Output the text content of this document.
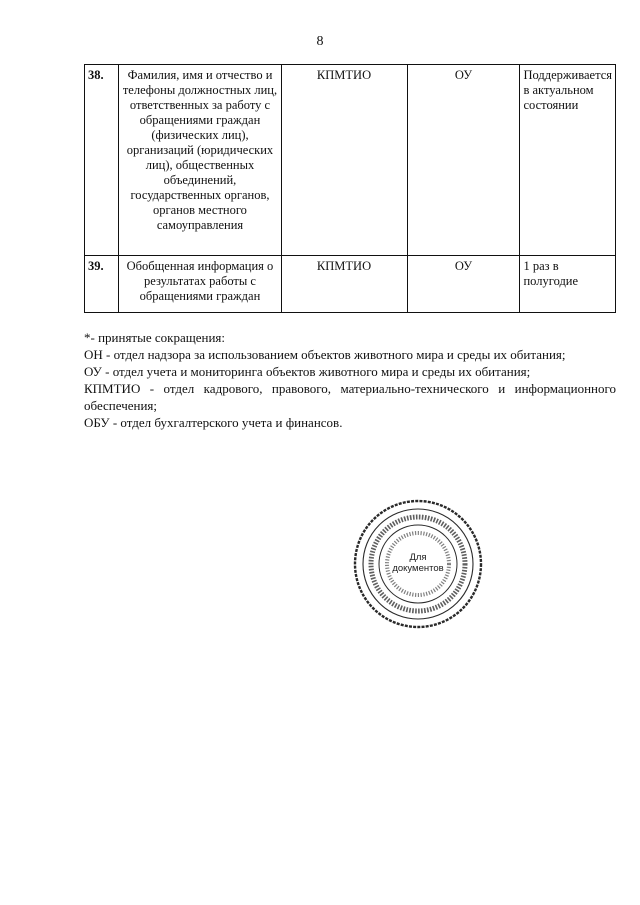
8
38.	Фамилия, имя и отчество и телефоны должностных лиц, ответственных за работу с обращениями граждан (физических лиц), организаций (юридических лиц), общественных объединений, государственных органов, органов местного самоуправления	КПМТИО	ОУ	Поддерживается в актуальном состоянии
39.	Обобщенная информация о результатах работы с обращениями граждан	КПМТИО	ОУ	1 раз в полугодие
*- принятые сокращения:
ОН - отдел надзора за использованием объектов животного мира и среды их обитания;
ОУ - отдел учета и мониторинга объектов животного мира и среды их обитания;
КПМТИО - отдел кадрового, правового, материально-технического и информационного
обеспечения;
ОБУ - отдел бухгалтерского учета и финансов.
Для
документов
